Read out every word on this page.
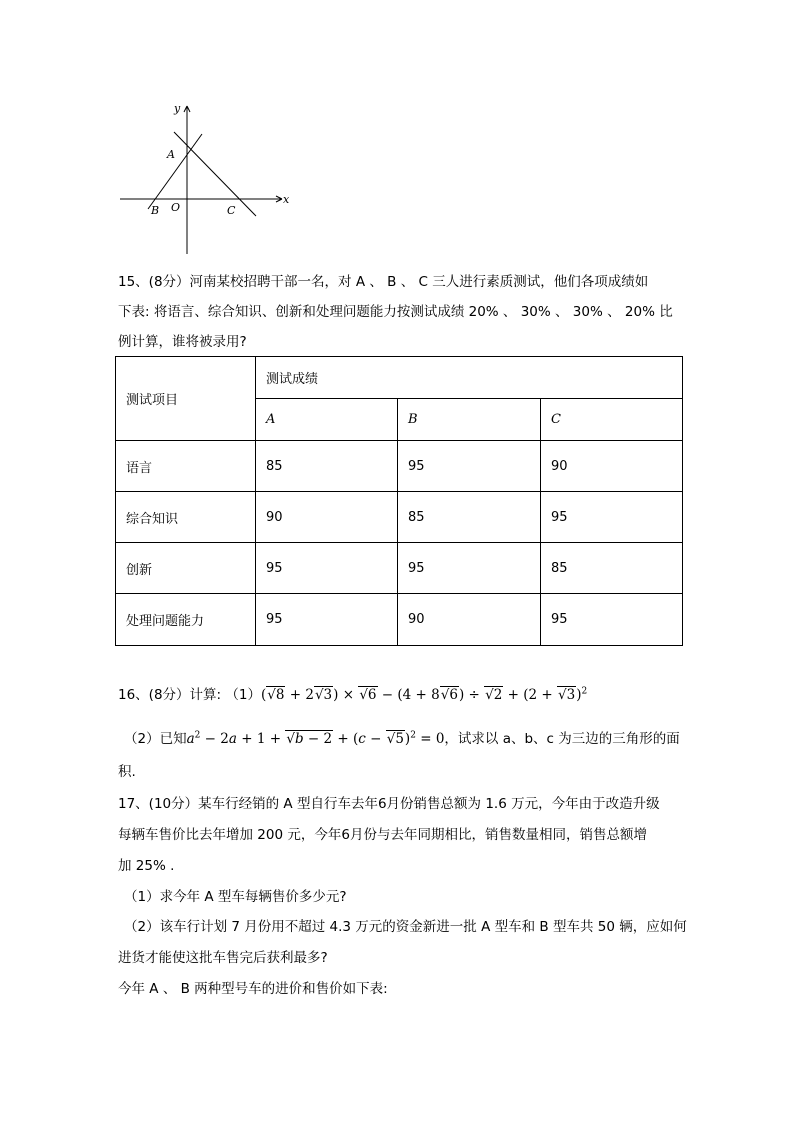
y
x
A
B O	C
15、(8分）河南某校招聘干部一名，对 A 、 B 、 C 三人进行素质测试，他们各项成绩如
下表: 将语言、综合知识、创新和处理问题能力按测试成绩 20% 、 30% 、 30% 、 20% 比
例计算，谁将被录用?
测试项目	测试成绩		
	A	B	C
语言	85	95	90
综合知识	90	85	95
创新	95	95	85
处理问题能力	95	90	95
16、(8分）计算: $(1)(√8 + 2√3) \times √6 - (4 + 8√6) \div √2 + (2 + √3)^2$
（2）已知$a^2 - 2a + 1 + √b - 2 + (c - √5)^2 = 0$，试求以 a、b、c 为三边的三角形的面
积.
17、(10分）某车行经销的 A 型自行车去年6月份销售总额为 1.6 万元，今年由于改造升级
每辆车售价比去年增加 200 元，今年6月份与去年同期相比，销售数量相同，销售总额增
加 25% .
（1）求今年 A 型车每辆售价多少元?
（2）该车行计划 7 月份用不超过 4.3 万元的资金新进一批 A 型车和 B 型车共 50 辆，应如何
进货才能使这批车售完后获利最多?
今年 A 、 B 两种型号车的进价和售价如下表:
